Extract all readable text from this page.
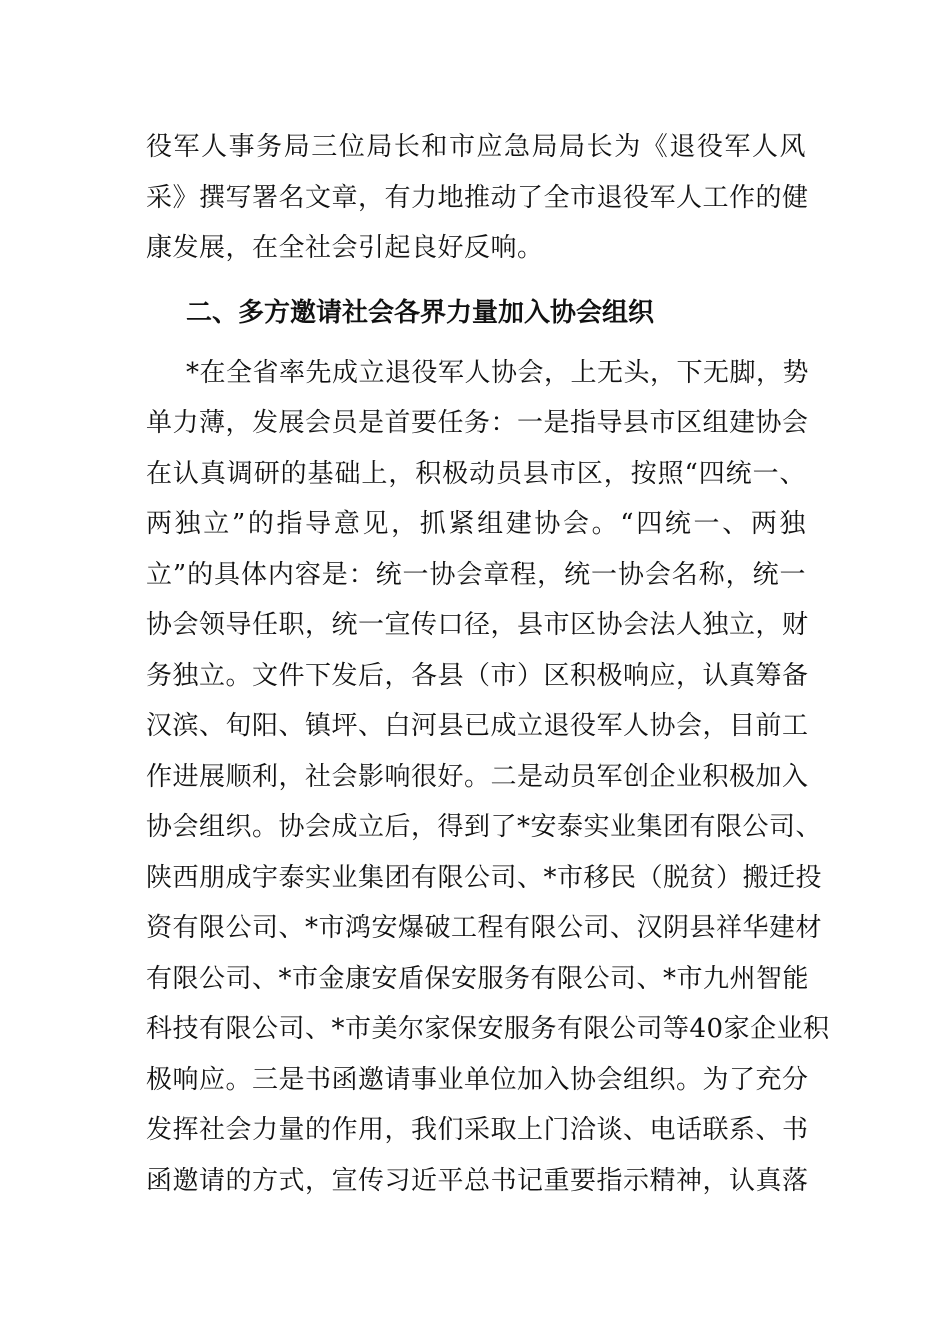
役军人事务局三位局长和市应急局局长为《退役军人风
采》撰写署名文章，有力地推动了全市退役军人工作的健
康发展，在全社会引起良好反响。
二、多方邀请社会各界力量加入协会组织
*在全省率先成立退役军人协会，上无头，下无脚，势
单力薄，发展会员是首要任务：一是指导县市区组建协会
在认真调研的基础上，积极动员县市区，按照“四统一、
两独立”的指导意见，抓紧组建协会。“四统一、两独
立”的具体内容是：统一协会章程，统一协会名称，统一
协会领导任职，统一宣传口径，县市区协会法人独立，财
务独立。文件下发后，各县（市）区积极响应，认真筹备
汉滨、旬阳、镇坪、白河县已成立退役军人协会，目前工
作进展顺利，社会影响很好。二是动员军创企业积极加入
协会组织。协会成立后，得到了*安泰实业集团有限公司、
陕西朋成宇泰实业集团有限公司、*市移民（脱贫）搬迁投
资有限公司、*市鸿安爆破工程有限公司、汉阴县祥华建材
有限公司、*市金康安盾保安服务有限公司、*市九州智能
科技有限公司、*市美尔家保安服务有限公司等40家企业积
极响应。三是书函邀请事业单位加入协会组织。为了充分
发挥社会力量的作用，我们采取上门洽谈、电话联系、书
函邀请的方式，宣传习近平总书记重要指示精神，认真落
